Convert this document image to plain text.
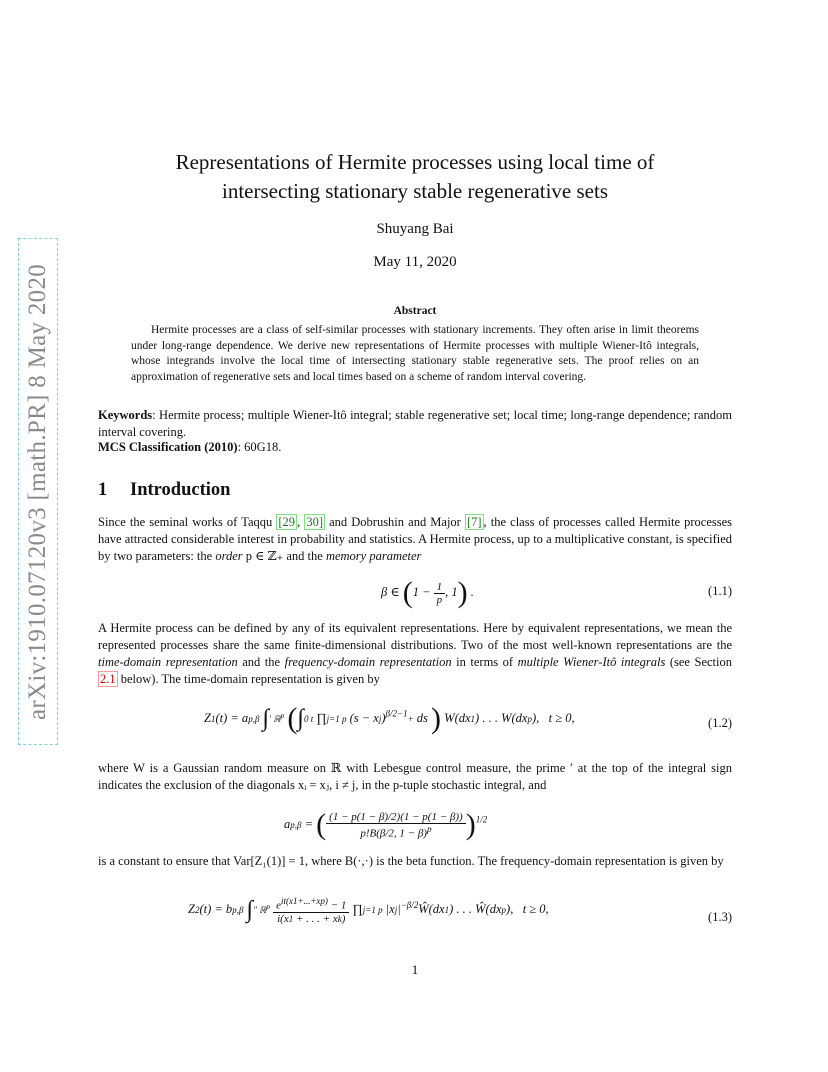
arXiv:1910.07120v3 [math.PR] 8 May 2020
Representations of Hermite processes using local time of
intersecting stationary stable regenerative sets
Shuyang Bai
May 11, 2020
Abstract
Hermite processes are a class of self-similar processes with stationary increments. They often arise in limit theorems under long-range dependence. We derive new representations of Hermite processes with multiple Wiener-Itô integrals, whose integrands involve the local time of intersecting stationary stable regenerative sets. The proof relies on an approximation of regenerative sets and local times based on a scheme of random interval covering.
Keywords: Hermite process; multiple Wiener-Itô integral; stable regenerative set; local time; long-range dependence; random interval covering.
MCS Classification (2010): 60G18.
1 Introduction
Since the seminal works of Taqqu [29 , 30] and Dobrushin and Major [7] , the class of processes called Hermite processes have attracted considerable interest in probability and statistics. A Hermite process, up to a multiplicative constant, is specified by two parameters: the order p ∈ ℤ₊ and the memory parameter
β ∈ ($1 - \frac{1}{p}$ , 1) .	(1.1)
A Hermite process can be defined by any of its equivalent representations. Here by equivalent representations, we mean the represented processes share the same finite-dimensional distributions. Two of the most well-known representations are the time-domain representation and the frequency-domain representation in terms of multiple Wiener-Itô integrals (see Section 2.1 below). The time-domain representation is given by
Z1(t) = ap,β ∫′ ℝ$^p$ (∫0 t ∏j=1 p (s − xj)$^{\beta/2-1}$+ ds ) W(dx1) . . . W(dxp),   t ≥ 0,	(1.2)
where W is a Gaussian random measure on ℝ with Lebesgue control measure, the prime ′ at the top of the integral sign indicates the exclusion of the diagonals xᵢ = xⱼ, i ≠ j, in the p-tuple stochastic integral, and
ap,β = ( $\frac{(1 - p(1 - \beta)/2)(1 - p(1 - \beta))}{p!B(\beta/2, 1 - \beta)^p} )^{1/2}$
is a constant to ensure that Var[Z₁(1)] = 1, where B(·,·) is the beta function. The frequency-domain representation is given by
Z2(t) = bp,β ∫″ ℝ$^p$ $\frac{e^{it(x1+...+xp)} - 1}{i(x1 + . . . + xk)}$ ∏j=1 p $|xj|^{-\beta/2}Ŵ(dx1)$ . . . Ŵ(dxp),   t ≥ 0,
(1.3)
1
